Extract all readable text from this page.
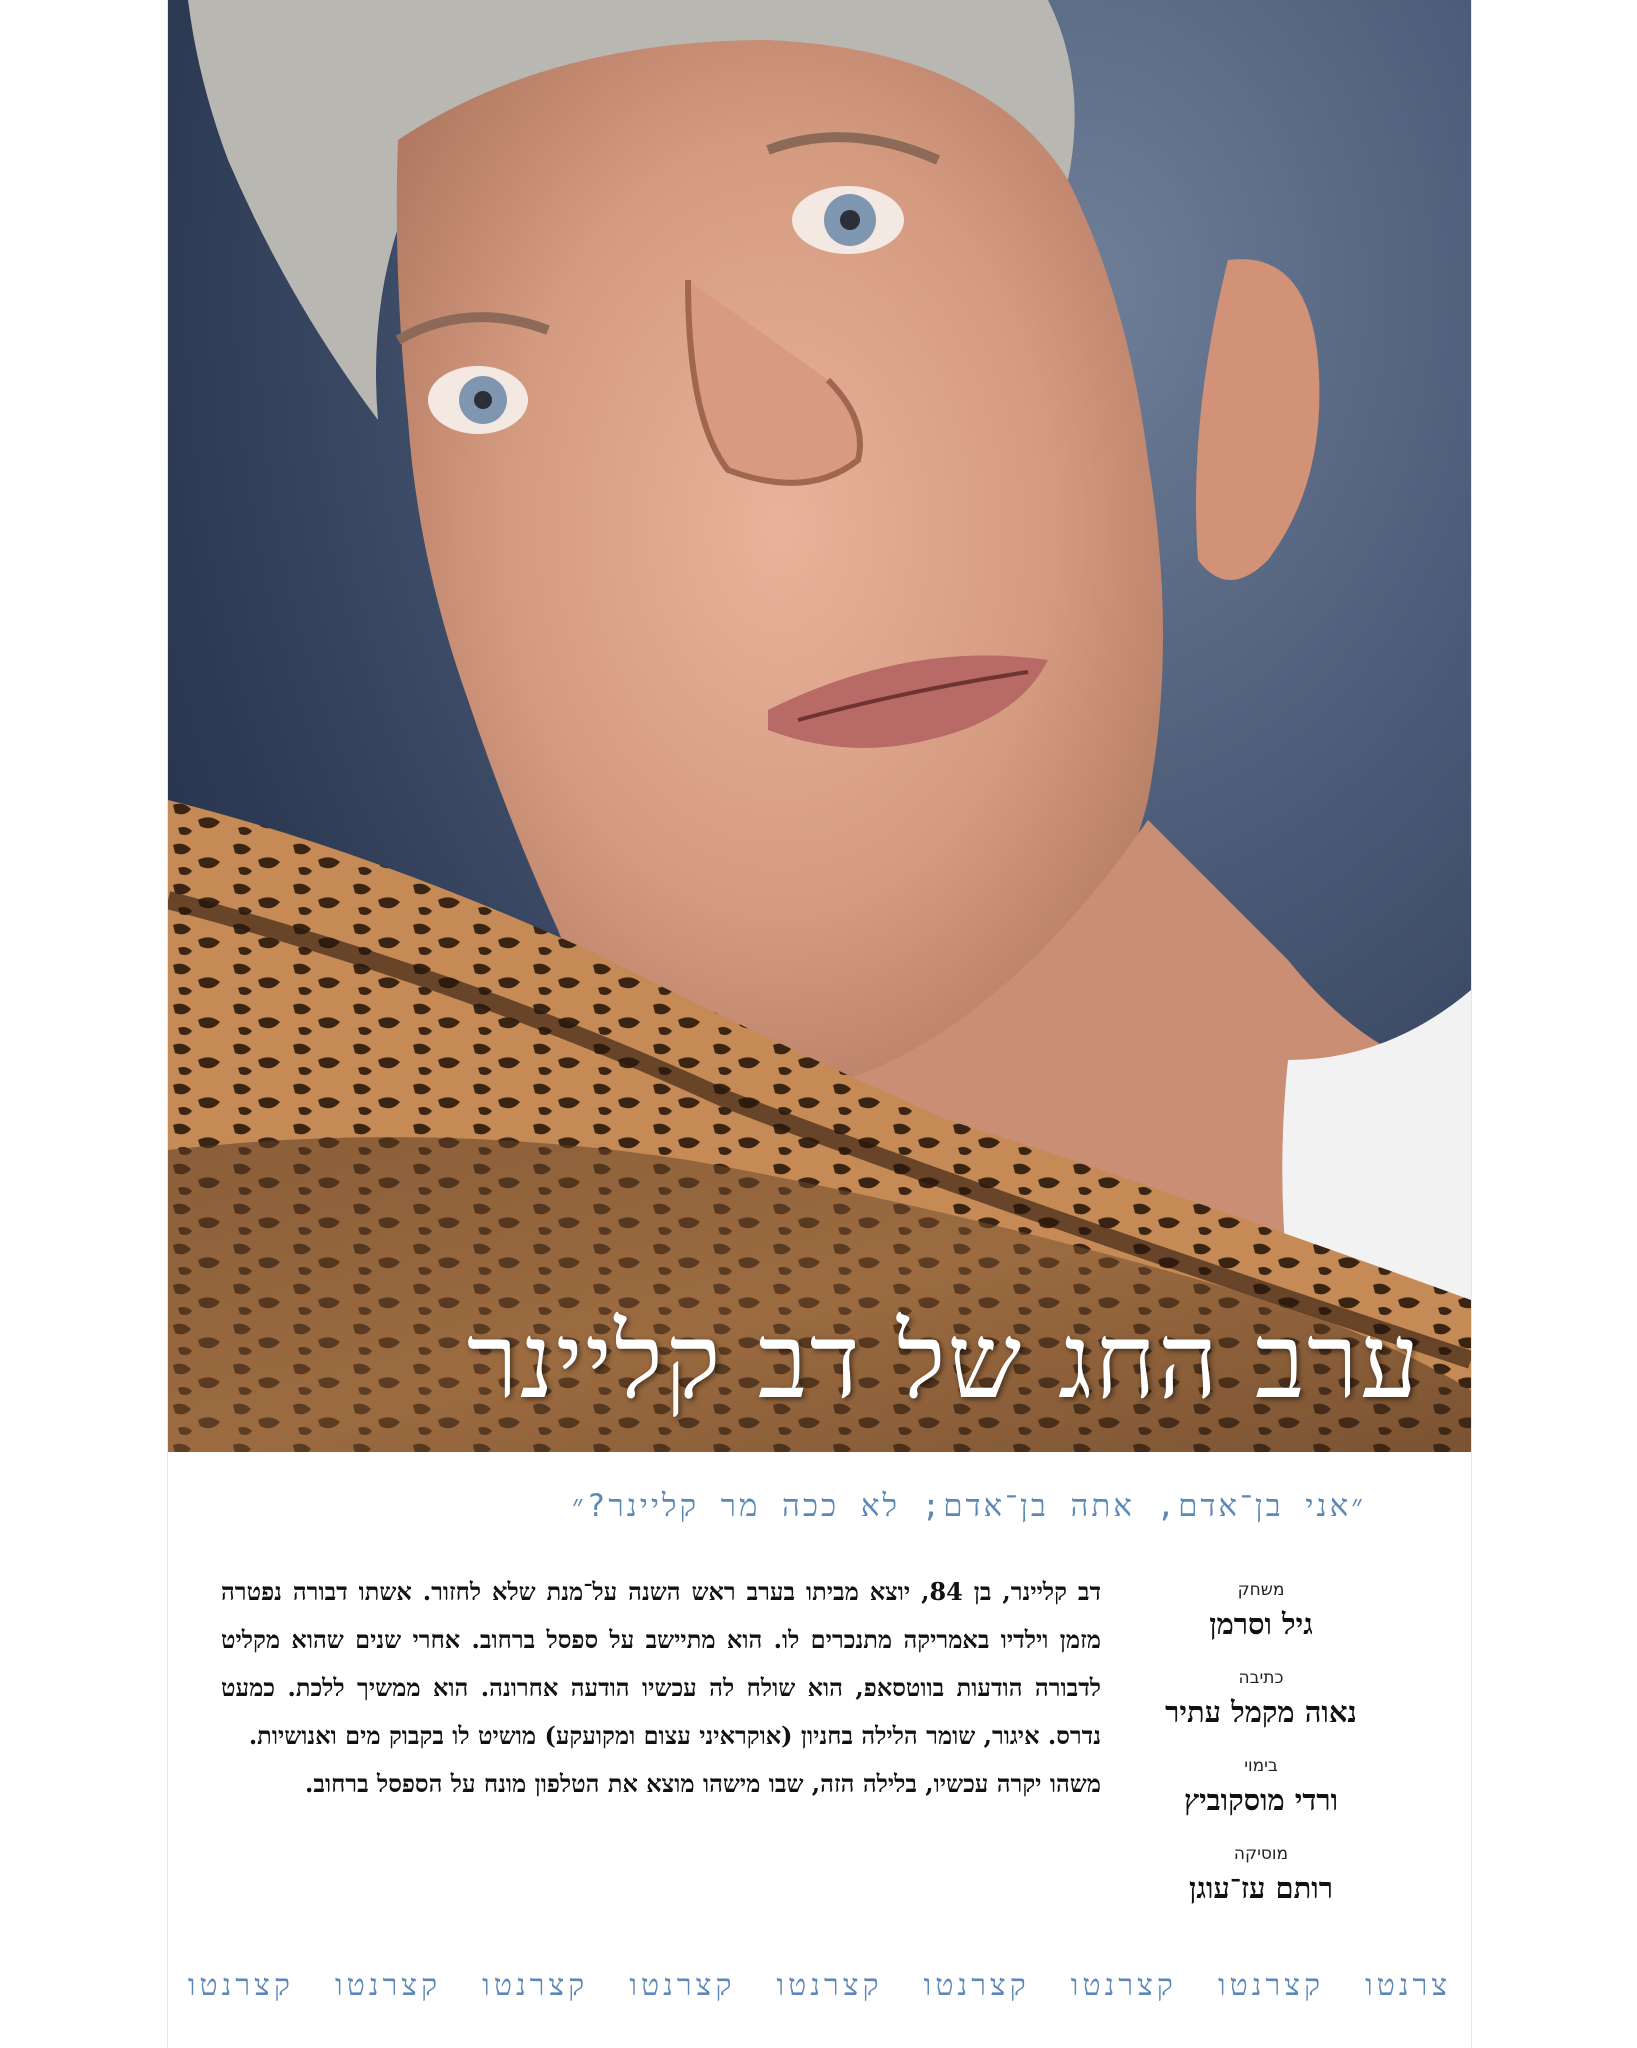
ערב החג של דב קליינר

״אני בן־אדם, אתה בן־אדם; לא ככה מר קליינר?״

משחק
גיל וסרמן
כתיבה
נאוה מקמל עתיר
בימוי
ורדי מוסקוביץ
מוסיקה
רותם עז־עוגן

דב קליינר, בן 84, יוצא מביתו בערב ראש השנה על־מנת שלא לחזור. אשתו דבורה נפטרה מזמן וילדיו באמריקה מתנכרים לו. הוא מתיישב על ספסל ברחוב. אחרי שנים שהוא מקליט לדבורה הודעות בווטסאפ, הוא שולח לה עכשיו הודעה אחרונה. הוא ממשיך ללכת. כמעט נדרס. איגור, שומר הלילה בחניון (אוקראיני עצום ומקועקע) מושיט לו בקבוק מים ואנושיות.

משהו יקרה עכשיו, בלילה הזה, שבו מישהו מוצא את הטלפון מונח על הספסל ברחוב.

צרנטו קצרנטו קצרנטו קצרנטו קצרנטו קצרנטו קצרנטו קצרנטו קצרנטו
